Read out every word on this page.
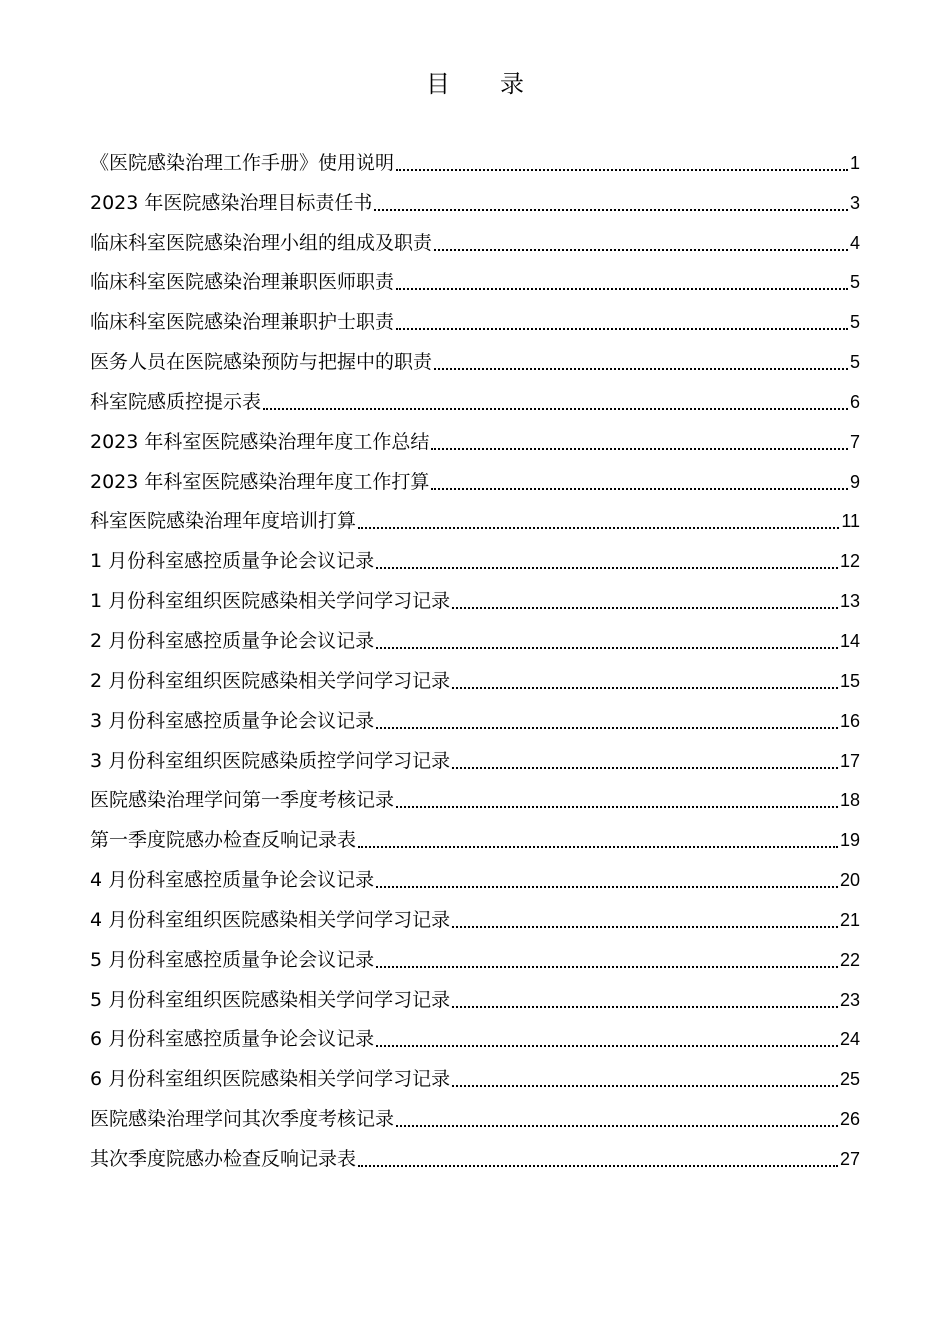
目 录
《医院感染治理工作手册》使用说明	1
2023 年医院感染治理目标责任书	3
临床科室医院感染治理小组的组成及职责	4
临床科室医院感染治理兼职医师职责	5
临床科室医院感染治理兼职护士职责	5
医务人员在医院感染预防与把握中的职责	5
科室院感质控提示表	6
2023 年科室医院感染治理年度工作总结	7
2023 年科室医院感染治理年度工作打算	9
科室医院感染治理年度培训打算	11
1 月份科室感控质量争论会议记录	12
1 月份科室组织医院感染相关学问学习记录	13
2 月份科室感控质量争论会议记录	14
2 月份科室组织医院感染相关学问学习记录	15
3 月份科室感控质量争论会议记录	16
3 月份科室组织医院感染质控学问学习记录	17
医院感染治理学问第一季度考核记录	18
第一季度院感办检查反响记录表	19
4 月份科室感控质量争论会议记录	20
4 月份科室组织医院感染相关学问学习记录	21
5 月份科室感控质量争论会议记录	22
5 月份科室组织医院感染相关学问学习记录	23
6 月份科室感控质量争论会议记录	24
6 月份科室组织医院感染相关学问学习记录	25
医院感染治理学问其次季度考核记录	26
其次季度院感办检查反响记录表	27
